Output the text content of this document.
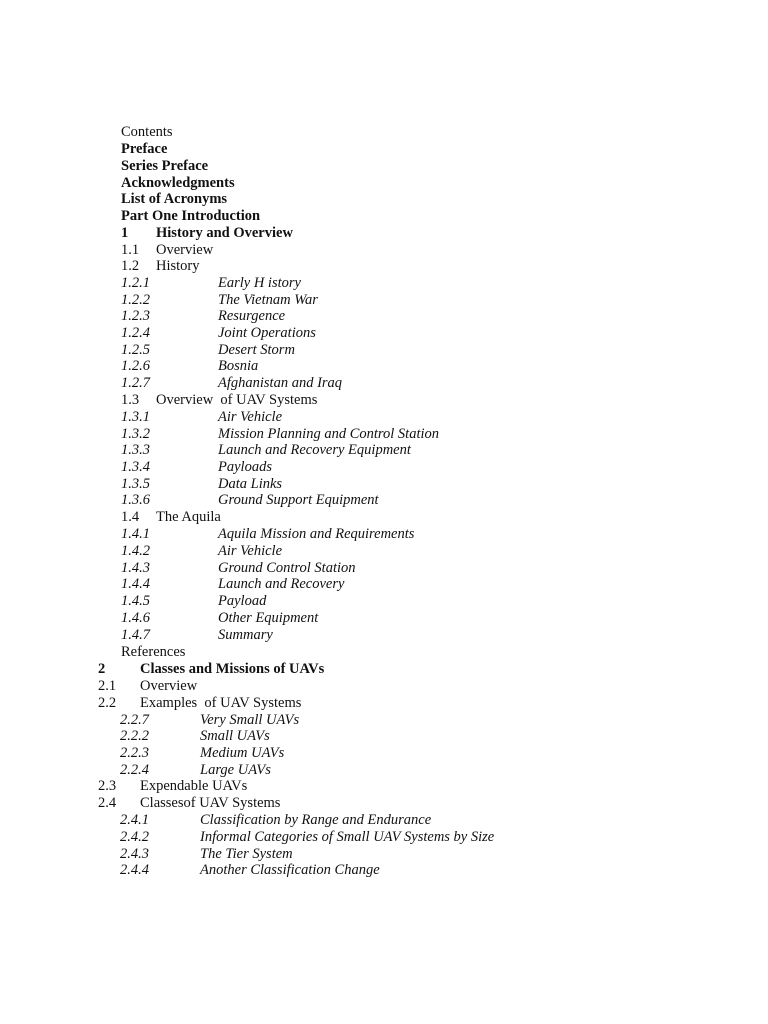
Contents
Preface
Series Preface
Acknowledgments
List of Acronyms
Part One Introduction
1 History and Overview
1.1 Overview
1.2 History
1.2.1	Early H istory
1.2.2	The Vietnam War
1.2.3	Resurgence
1.2.4	Joint Operations
1.2.5	Desert Storm
1.2.6	Bosnia
1.2.7	Afghanistan and Iraq
1.3 Overview  of UAV Systems
1.3.1	Air Vehicle
1.3.2	Mission Planning and Control Station
1.3.3	Launch and Recovery Equipment
1.3.4	Payloads
1.3.5	Data Links
1.3.6	Ground Support Equipment
1.4 The Aquila
1.4.1	Aquila Mission and Requirements
1.4.2	Air Vehicle
1.4.3	Ground Control Station
1.4.4	Launch and Recovery
1.4.5	Payload
1.4.6	Other Equipment
1.4.7	Summary
References
2 Classes and Missions of UAVs
2.1 Overview
2.2 Examples  of UAV Systems
2.2.7	Very Small UAVs
2.2.2	Small UAVs
2.2.3	Medium UAVs
2.2.4	Large UAVs
2.3 Expendable UAVs
2.4 Classesof UAV Systems
2.4.1	Classification by Range and Endurance
2.4.2	Informal Categories of Small UAV Systems by Size
2.4.3	The Tier System
2.4.4	Another Classification Change
